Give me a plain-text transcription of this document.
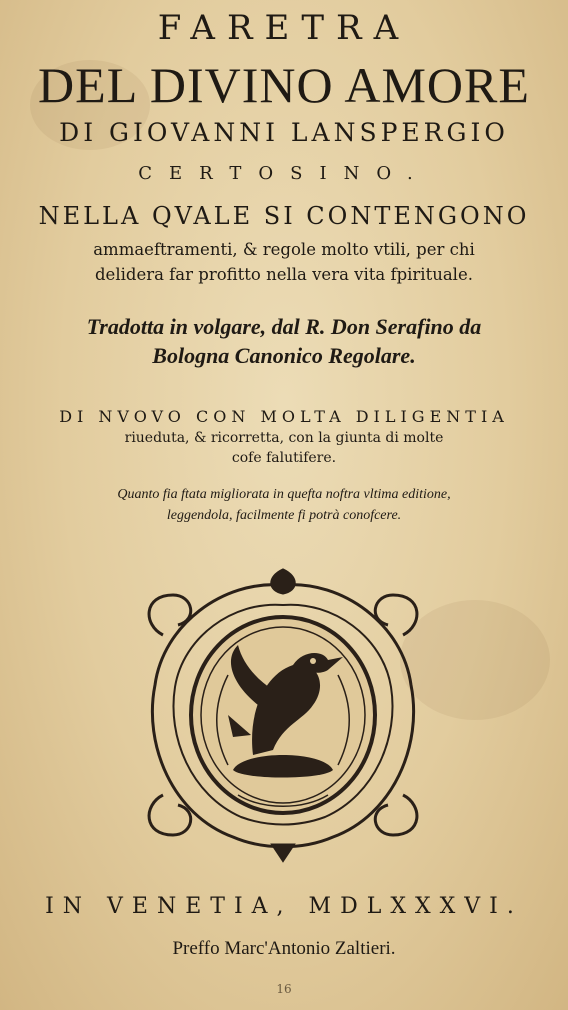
FARETRA
DEL DIVINO AMORE
DI GIOVANNI LANSPERGIO
CERTOSINO.
NELLA QVALE SI CONTENGONO
ammaeftramenti, & regole molto vtili, per chi
delidera far profitto nella vera vita fpirituale.
Tradotta in volgare, dal R. Don Serafino da
Bologna Canonico Regolare.
DI NVOVO CON MOLTA DILIGENTIA
riueduta, & ricorretta, con la giunta di molte
cofe falutifere.
Quanto fia ftata migliorata in quefta noftra vltima editione,
leggendola, facilmente fi potrà conofcere.
IN VENETIA, MDLXXXVI.
Preffo Marc'Antonio Zaltieri.
16
